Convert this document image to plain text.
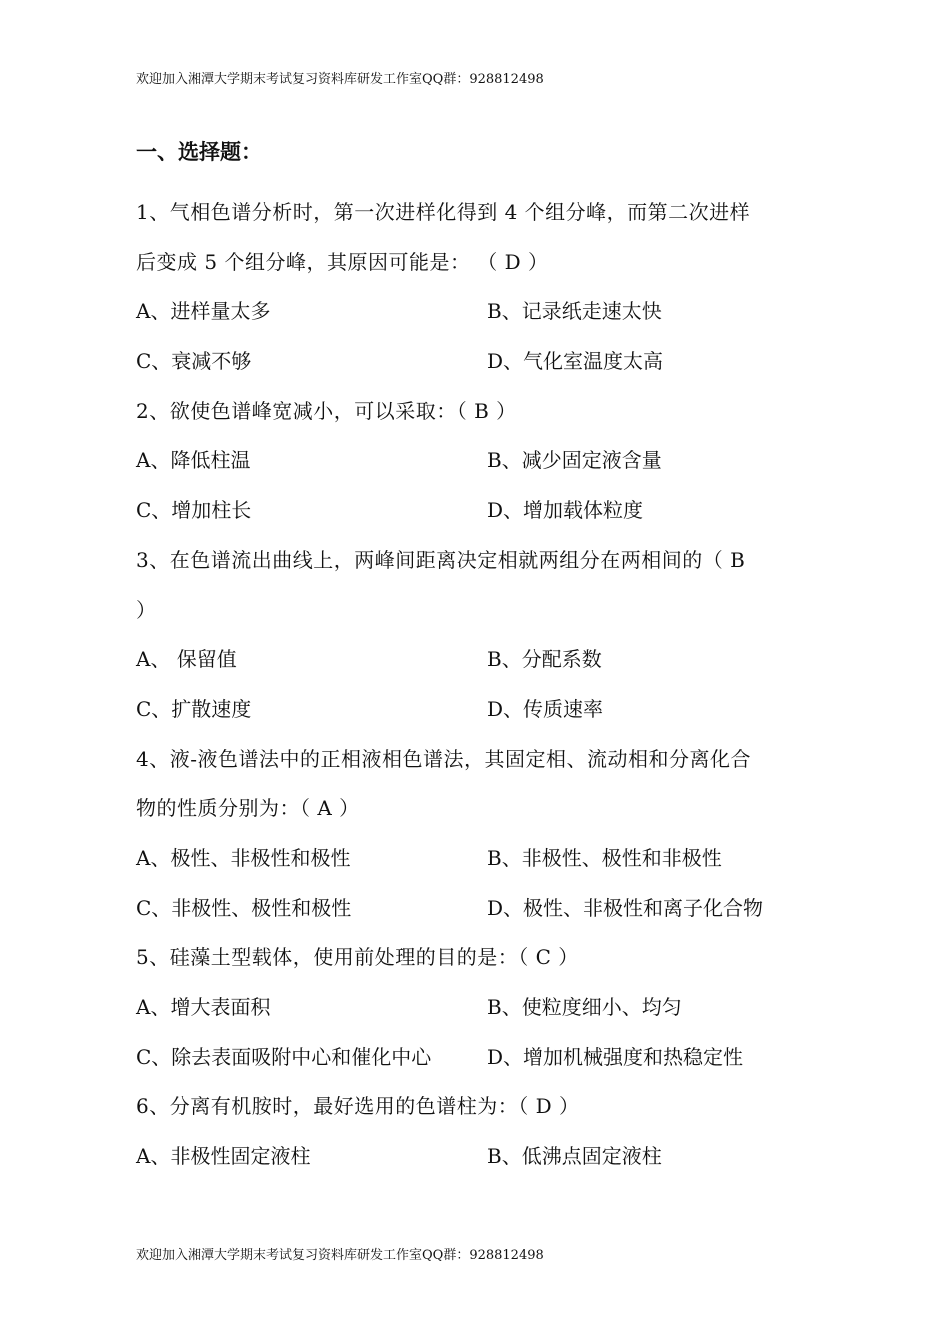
欢迎加入湘潭大学期末考试复习资料库研发工作室QQ群：928812498
一、选择题：
1、气相色谱分析时，第一次进样化得到 4 个组分峰，而第二次进样
后变成 5 个组分峰，其原因可能是： （ D ）
A、进样量太多	B、记录纸走速太快
C、衰减不够	D、气化室温度太高
2、欲使色谱峰宽减小，可以采取：（ B ）
A、降低柱温	B、减少固定液含量
C、增加柱长	D、增加载体粒度
3、在色谱流出曲线上，两峰间距离决定相就两组分在两相间的（ B
）
A、 保留值	B、分配系数
C、扩散速度	D、传质速率
4、液-液色谱法中的正相液相色谱法，其固定相、流动相和分离化合
物的性质分别为：（ A ）
A、极性、非极性和极性	B、非极性、极性和非极性
C、非极性、极性和极性	D、极性、非极性和离子化合物
5、硅藻土型载体，使用前处理的目的是：（ C ）
A、增大表面积	B、使粒度细小、均匀
C、除去表面吸附中心和催化中心	D、增加机械强度和热稳定性
6、分离有机胺时，最好选用的色谱柱为：（ D ）
A、非极性固定液柱	B、低沸点固定液柱
欢迎加入湘潭大学期末考试复习资料库研发工作室QQ群：928812498
